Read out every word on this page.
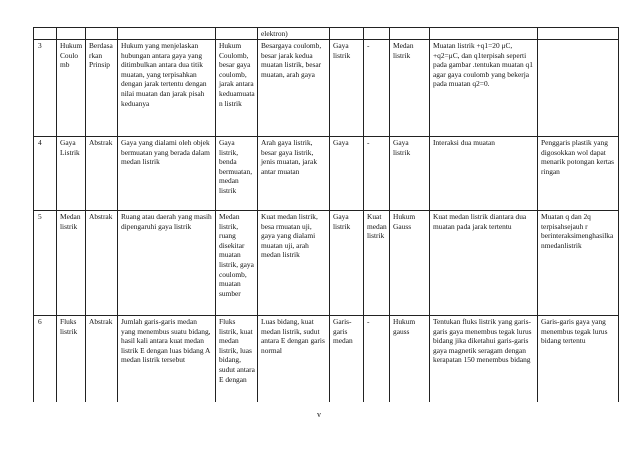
					elektron)					
3	Hukum Coulomb	Berdasarkan Prinsip	Hukum yang menjelaskan hubungan antara gaya yang ditimbulkan antara dua titik muatan, yang terpisahkan dengan jarak tertentu dengan nilai muatan dan jarak pisah keduanya	Hukum Coulomb, besar gaya coulomb, jarak antara keduamuatan listrik	Besargaya coulomb, besar jarak kedua muatan listrik, besar muatan, arah gaya	Gaya listrik	-	Medan listrik	Muatan listrik +q1=20 μC, +q2=μC, dan q1terpisah seperti pada gambar .tentukan muatan q1 agar gaya coulomb yang bekerja pada muatan q2=0.	
4	Gaya Listrik	Abstrak	Gaya yang dialami oleh objek bermuatan yang berada dalam medan listrik	Gaya listrik, benda bermuatan, medan listrik	Arah gaya listrik, besar gaya listrik, jenis muatan, jarak antar muatan	Gaya	-	Gaya listrik	Interaksi dua muatan	Penggaris plastik yang digosokkan wol dapat menarik potongan kertas ringan
5	Medan listrik	Abstrak	Ruang atau daerah yang masih dipengaruhi gaya listrik	Medan listrik, ruang disekitar muatan listrik, gaya coulomb, muatan sumber	Kuat medan listrik, besa rmuatan uji, gaya yang dialami muatan uji, arah medan listrik	Gaya listrik	Kuat medan listrik	Hukum Gauss	Kuat medan listrik diantara dua muatan pada jarak tertentu	Muatan q dan 2q terpisahsejauh r berinteraksimenghasilkanmedanlistrik
6	Fluks listrik	Abstrak	Jumlah garis-garis medan yang menembus suatu bidang, hasil kali antara kuat medan listrik E dengan luas bidang A medan listrik tersebut	Fluks listrik, kuat medan listrik, luas bidang, sudut antara E dengan	Luas bidang, kuat medan listrik, sudut antara E dengan garis normal	Garis-garis medan	-	Hukum gauss	Tentukan fluks listrik yang garis-garis gaya menembus tegak lurus bidang jika diketahui garis-garis gaya magnetik seragam dengan kerapatan 150 menembus bidang	Garis-garis gaya yang menembus tegak lurus bidang tertentu
v
